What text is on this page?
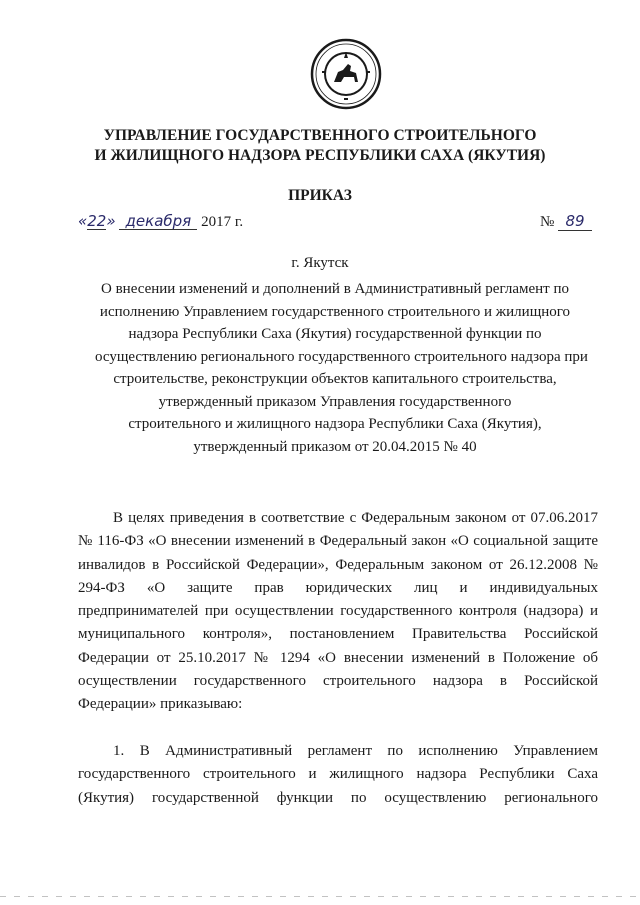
УПРАВЛЕНИЕ ГОСУДАРСТВЕННОГО СТРОИТЕЛЬНОГО
И ЖИЛИЩНОГО НАДЗОРА РЕСПУБЛИКИ САХА (ЯКУТИЯ)
ПРИКАЗ
«22» декабря 2017 г.	№ 89
г. Якутск
О внесении изменений и дополнений в Административный регламент по
исполнению Управлением государственного строительного и жилищного
надзора Республики Саха (Якутия) государственной функции по
осуществлению регионального государственного строительного надзора при
строительстве, реконструкции объектов капитального строительства,
утвержденный приказом Управления государственного
строительного и жилищного надзора Республики Саха (Якутия),
утвержденный приказом от 20.04.2015 № 40
В целях приведения в соответствие с Федеральным законом от 07.06.2017
№ 116-ФЗ «О внесении изменений в Федеральный закон «О социальной защите
инвалидов в Российской Федерации», Федеральным законом от 26.12.2008 №
294-ФЗ «О защите прав юридических лиц и индивидуальных
предпринимателей при осуществлении государственного контроля (надзора) и
муниципального контроля», постановлением Правительства Российской
Федерации от 25.10.2017 № 1294 «О внесении изменений в Положение об
осуществлении государственного строительного надзора в Российской
Федерации» приказываю:
1. В Административный регламент по исполнению Управлением
государственного строительного и жилищного надзора Республики Саха
(Якутия) государственной функции по осуществлению регионального
